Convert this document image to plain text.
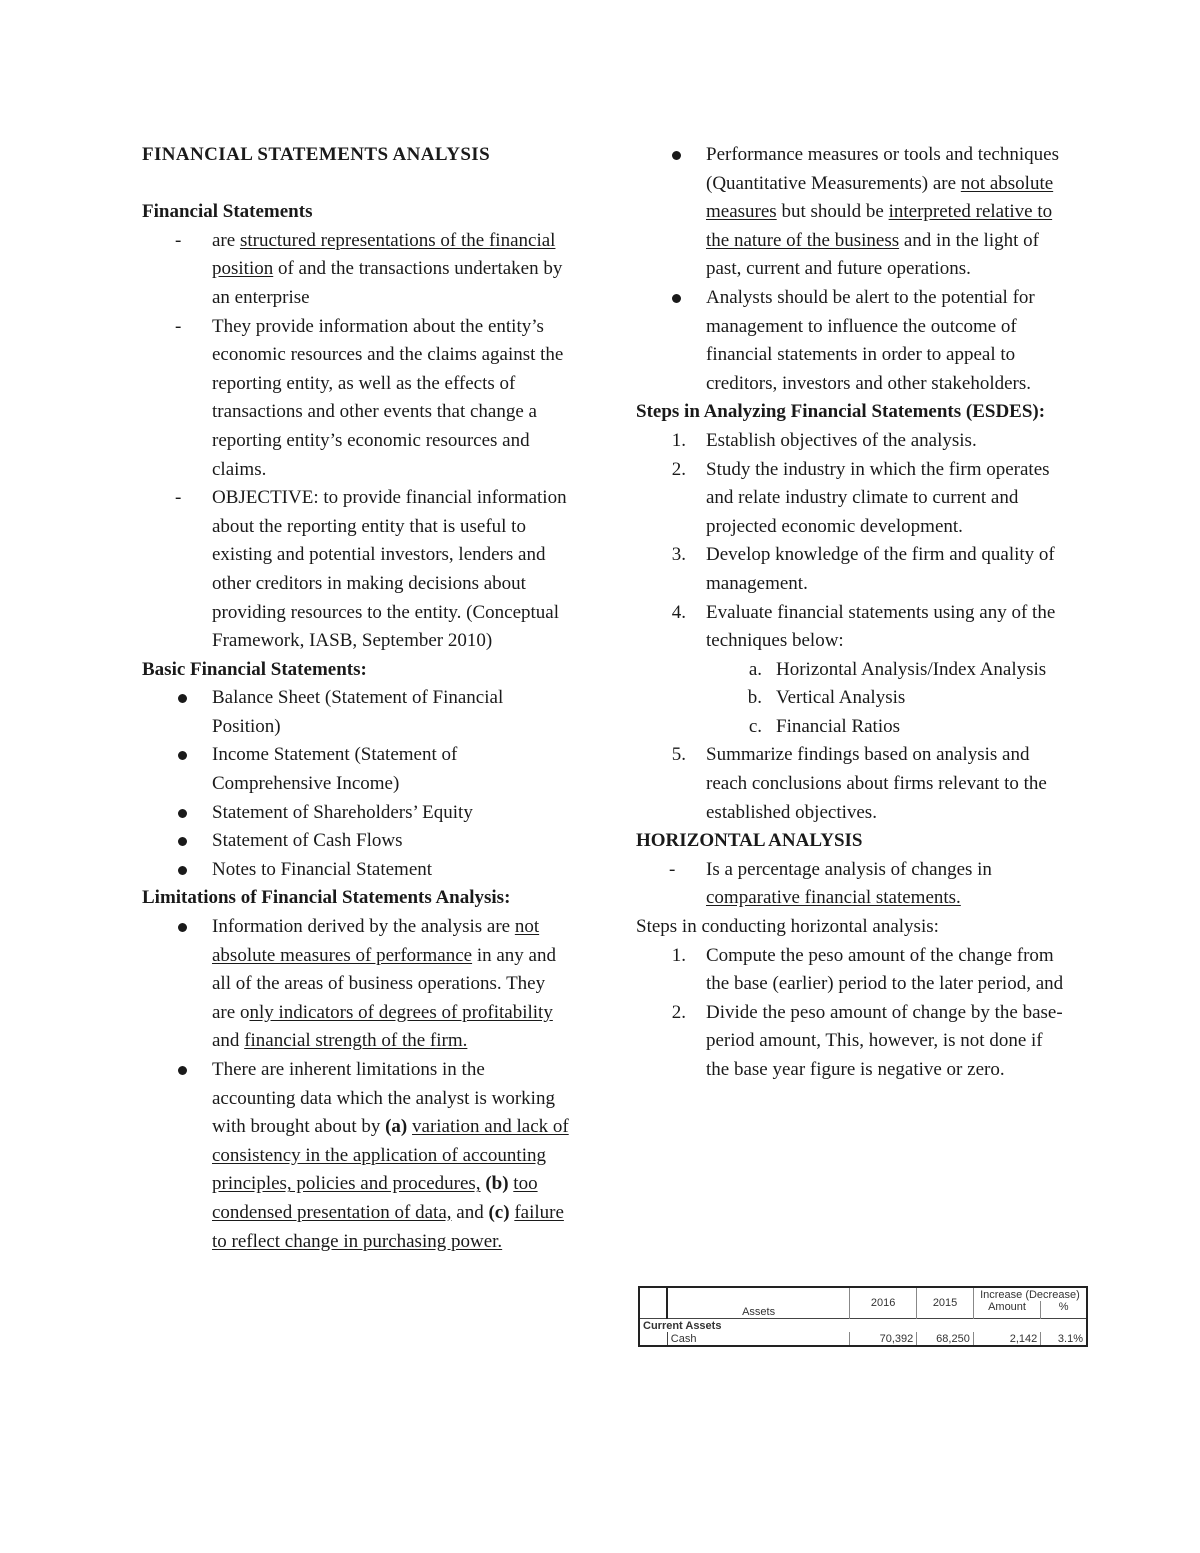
FINANCIAL STATEMENTS ANALYSIS

Financial Statements

- are structured representations of the financial position of and the transactions undertaken by an enterprise
- They provide information about the entity’s economic resources and the claims against the reporting entity, as well as the effects of transactions and other events that change a reporting entity’s economic resources and claims.
- OBJECTIVE: to provide financial information about the reporting entity that is useful to existing and potential investors, lenders and other creditors in making decisions about providing resources to the entity. (Conceptual Framework, IASB, September 2010)

Basic Financial Statements:

Balance Sheet (Statement of Financial Position)
Income Statement (Statement of Comprehensive Income)
Statement of Shareholders’ Equity
Statement of Cash Flows
Notes to Financial Statement

Limitations of Financial Statements Analysis:

Information derived by the analysis are not absolute measures of performance in any and all of the areas of business operations. They are only indicators of degrees of profitability and financial strength of the firm.
There are inherent limitations in the accounting data which the analyst is working with brought about by (a) variation and lack of consistency in the application of accounting principles, policies and procedures, (b) too condensed presentation of data, and (c) failure to reflect change in purchasing power.
Performance measures or tools and techniques (Quantitative Measurements) are not absolute measures but should be interpreted relative to the nature of the business and in the light of past, current and future operations.
Analysts should be alert to the potential for management to influence the outcome of financial statements in order to appeal to creditors, investors and other stakeholders.

Steps in Analyzing Financial Statements (ESDES):

1. Establish objectives of the analysis.
2. Study the industry in which the firm operates and relate industry climate to current and projected economic development.
3. Develop knowledge of the firm and quality of management.
4. Evaluate financial statements using any of the techniques below:
a. Horizontal Analysis/Index Analysis
b. Vertical Analysis
c. Financial Ratios
5. Summarize findings based on analysis and reach conclusions about firms relevant to the established objectives.

HORIZONTAL ANALYSIS

- Is a percentage analysis of changes in comparative financial statements.

Steps in conducting horizontal analysis:

1. Compute the peso amount of the change from the base (earlier) period to the later period, and
2. Divide the peso amount of change by the base-period amount, This, however, is not done if the base year figure is negative or zero.
	Assets	2016	2015	Increase (Decrease)	
				Amount	%
Current Assets					
	Cash	70,392	68,250	2,142	3.1%
